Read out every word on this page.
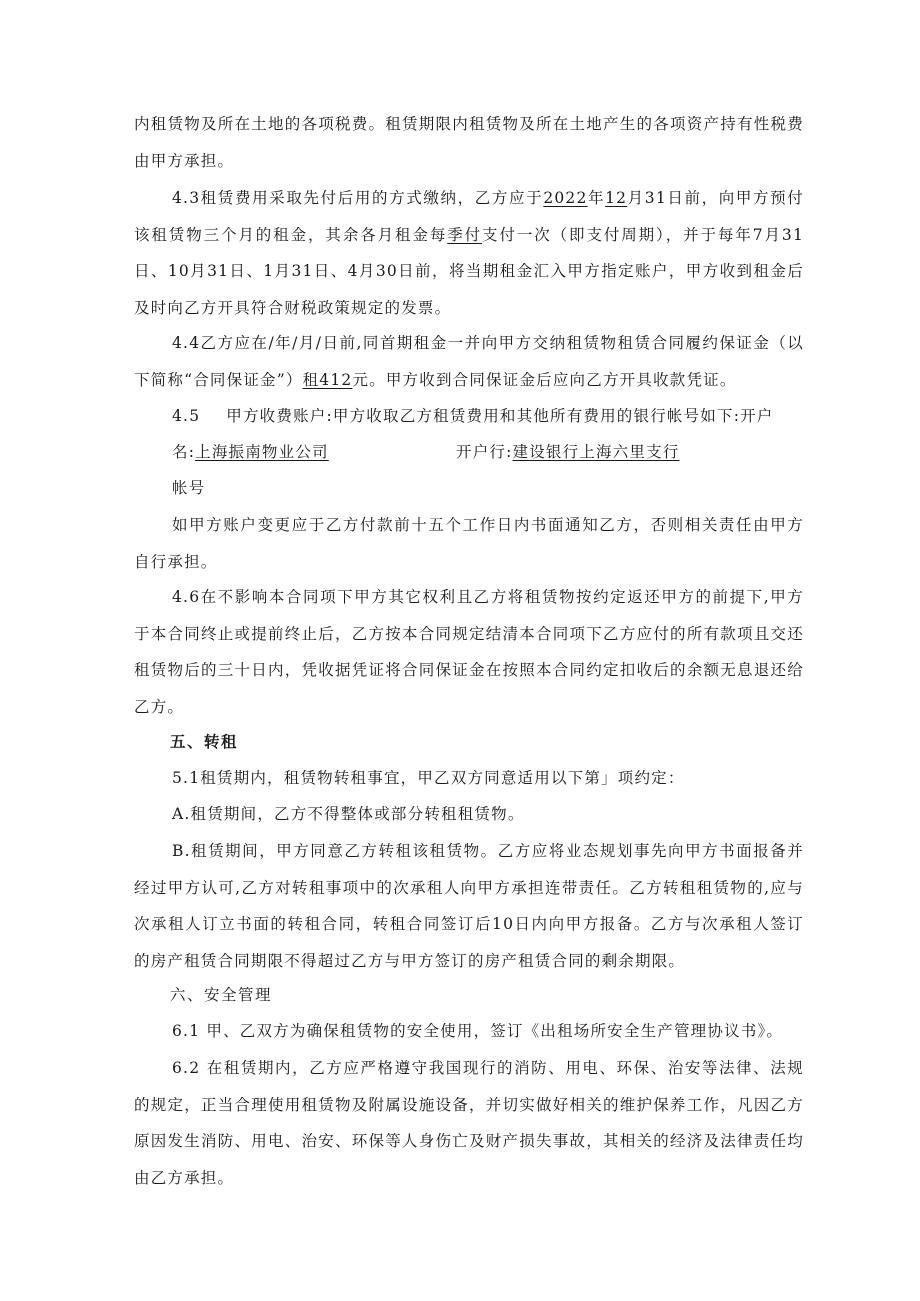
内租赁物及所在土地的各项税费。租赁期限内租赁物及所在土地产生的各项资产持有性税费由甲方承担。

4.3租赁费用采取先付后用的方式缴纳，乙方应于2022年12月31日前，向甲方预付该租赁物三个月的租金，其余各月租金每季付支付一次（即支付周期），并于每年7月31日、10月31日、1月31日、4月30日前，将当期租金汇入甲方指定账户，甲方收到租金后及时向乙方开具符合财税政策规定的发票。

4.4乙方应在/年/月/日前,同首期租金一并向甲方交纳租赁物租赁合同履约保证金（以下简称“合同保证金”）租412元。甲方收到合同保证金后应向乙方开具收款凭证。

4.5 甲方收费账户:甲方收取乙方租赁费用和其他所有费用的银行帐号如下:开户

名:上海振南物业公司	开户行:建设银行上海六里支行

帐号

如甲方账户变更应于乙方付款前十五个工作日内书面通知乙方，否则相关责任由甲方自行承担。

4.6在不影响本合同项下甲方其它权利且乙方将租赁物按约定返还甲方的前提下,甲方于本合同终止或提前终止后，乙方按本合同规定结清本合同项下乙方应付的所有款项且交还租赁物后的三十日内，凭收据凭证将合同保证金在按照本合同约定扣收后的余额无息退还给乙方。

五、转租

5.1租赁期内，租赁物转租事宜，甲乙双方同意适用以下第」项约定：

A.租赁期间，乙方不得整体或部分转租租赁物。

B.租赁期间，甲方同意乙方转租该租赁物。乙方应将业态规划事先向甲方书面报备并经过甲方认可,乙方对转租事项中的次承租人向甲方承担连带责任。乙方转租租赁物的,应与次承租人订立书面的转租合同，转租合同签订后10日内向甲方报备。乙方与次承租人签订的房产租赁合同期限不得超过乙方与甲方签订的房产租赁合同的剩余期限。

六、安全管理

6.1 甲、乙双方为确保租赁物的安全使用，签订《出租场所安全生产管理协议书》。

6.2 在租赁期内，乙方应严格遵守我国现行的消防、用电、环保、治安等法律、法规的规定，正当合理使用租赁物及附属设施设备，并切实做好相关的维护保养工作，凡因乙方原因发生消防、用电、治安、环保等人身伤亡及财产损失事故，其相关的经济及法律责任均由乙方承担。
